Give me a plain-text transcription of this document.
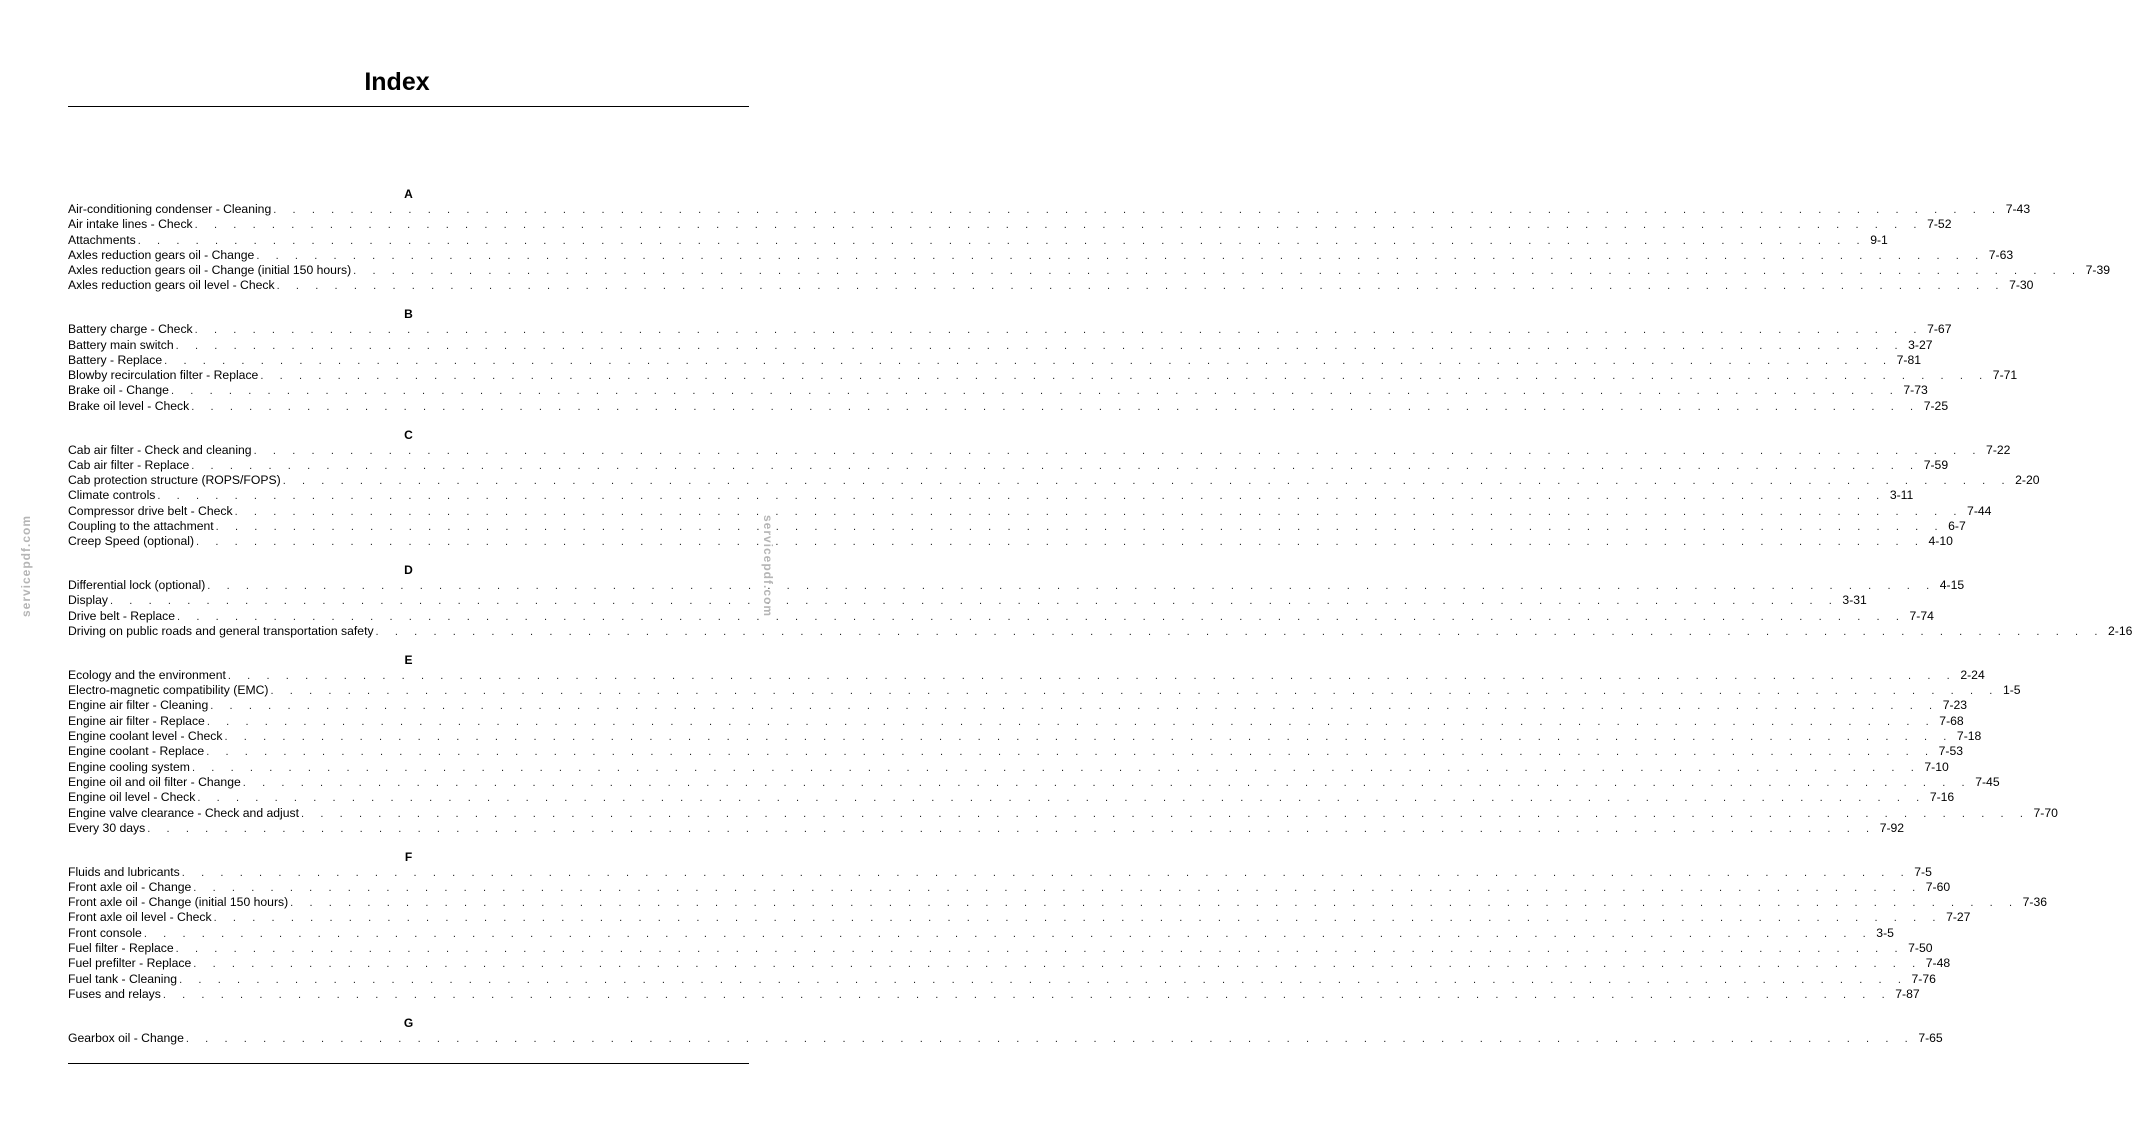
Index
A
Air-conditioning condenser - Cleaning . . . . . . . . . . . . . . . . . . . . . . . . . . . . . . . . . . . . . . . . . . . . . . . . . . . . . . . . . . . . . . . . . . . . . . . . . . . . . . . . . . . . . . . . . . 7-43
Air intake lines - Check . . . . . . . . . . . . . . . . . . . . . . . . . . . . . . . . . . . . . . . . . . . . . . . . . . . . . . . . . . . . . . . . . . . . . . . . . . . . . . . . . . . . . . . . . . 7-52
Attachments . . . . . . . . . . . . . . . . . . . . . . . . . . . . . . . . . . . . . . . . . . . . . . . . . . . . . . . . . . . . . . . . . . . . . . . . . . . . . . . . . . . . . . . . . . 9-1
Axles reduction gears oil - Change . . . . . . . . . . . . . . . . . . . . . . . . . . . . . . . . . . . . . . . . . . . . . . . . . . . . . . . . . . . . . . . . . . . . . . . . . . . . . . . . . . . . . . . . . . 7-63
Axles reduction gears oil - Change (initial 150 hours) . . . . . . . . . . . . . . . . . . . . . . . . . . . . . . . . . . . . . . . . . . . . . . . . . . . . . . . . . . . . . . . . . . . . . . . . . . . . . . . . . . . . . . . . . . 7-39
Axles reduction gears oil level - Check . . . . . . . . . . . . . . . . . . . . . . . . . . . . . . . . . . . . . . . . . . . . . . . . . . . . . . . . . . . . . . . . . . . . . . . . . . . . . . . . . . . . . . . . . . 7-30
B
Battery charge - Check . . . . . . . . . . . . . . . . . . . . . . . . . . . . . . . . . . . . . . . . . . . . . . . . . . . . . . . . . . . . . . . . . . . . . . . . . . . . . . . . . . . . . . . . . . 7-67
Battery main switch . . . . . . . . . . . . . . . . . . . . . . . . . . . . . . . . . . . . . . . . . . . . . . . . . . . . . . . . . . . . . . . . . . . . . . . . . . . . . . . . . . . . . . . . . . 3-27
Battery - Replace . . . . . . . . . . . . . . . . . . . . . . . . . . . . . . . . . . . . . . . . . . . . . . . . . . . . . . . . . . . . . . . . . . . . . . . . . . . . . . . . . . . . . . . . . . 7-81
Blowby recirculation filter - Replace . . . . . . . . . . . . . . . . . . . . . . . . . . . . . . . . . . . . . . . . . . . . . . . . . . . . . . . . . . . . . . . . . . . . . . . . . . . . . . . . . . . . . . . . . . 7-71
Brake oil - Change . . . . . . . . . . . . . . . . . . . . . . . . . . . . . . . . . . . . . . . . . . . . . . . . . . . . . . . . . . . . . . . . . . . . . . . . . . . . . . . . . . . . . . . . . . 7-73
Brake oil level - Check . . . . . . . . . . . . . . . . . . . . . . . . . . . . . . . . . . . . . . . . . . . . . . . . . . . . . . . . . . . . . . . . . . . . . . . . . . . . . . . . . . . . . . . . . . 7-25
C
Cab air filter - Check and cleaning . . . . . . . . . . . . . . . . . . . . . . . . . . . . . . . . . . . . . . . . . . . . . . . . . . . . . . . . . . . . . . . . . . . . . . . . . . . . . . . . . . . . . . . . . . 7-22
Cab air filter - Replace . . . . . . . . . . . . . . . . . . . . . . . . . . . . . . . . . . . . . . . . . . . . . . . . . . . . . . . . . . . . . . . . . . . . . . . . . . . . . . . . . . . . . . . . . . 7-59
Cab protection structure (ROPS/FOPS) . . . . . . . . . . . . . . . . . . . . . . . . . . . . . . . . . . . . . . . . . . . . . . . . . . . . . . . . . . . . . . . . . . . . . . . . . . . . . . . . . . . . . . . . . . 2-20
Climate controls . . . . . . . . . . . . . . . . . . . . . . . . . . . . . . . . . . . . . . . . . . . . . . . . . . . . . . . . . . . . . . . . . . . . . . . . . . . . . . . . . . . . . . . . . . 3-11
Compressor drive belt - Check . . . . . . . . . . . . . . . . . . . . . . . . . . . . . . . . . . . . . . . . . . . . . . . . . . . . . . . . . . . . . . . . . . . . . . . . . . . . . . . . . . . . . . . . . . 7-44
Coupling to the attachment . . . . . . . . . . . . . . . . . . . . . . . . . . . . . . . . . . . . . . . . . . . . . . . . . . . . . . . . . . . . . . . . . . . . . . . . . . . . . . . . . . . . . . . . . . 6-7
Creep Speed (optional) . . . . . . . . . . . . . . . . . . . . . . . . . . . . . . . . . . . . . . . . . . . . . . . . . . . . . . . . . . . . . . . . . . . . . . . . . . . . . . . . . . . . . . . . . . 4-10
D
Differential lock (optional) . . . . . . . . . . . . . . . . . . . . . . . . . . . . . . . . . . . . . . . . . . . . . . . . . . . . . . . . . . . . . . . . . . . . . . . . . . . . . . . . . . . . . . . . . . 4-15
Display . . . . . . . . . . . . . . . . . . . . . . . . . . . . . . . . . . . . . . . . . . . . . . . . . . . . . . . . . . . . . . . . . . . . . . . . . . . . . . . . . . . . . . . . . . 3-31
Drive belt - Replace . . . . . . . . . . . . . . . . . . . . . . . . . . . . . . . . . . . . . . . . . . . . . . . . . . . . . . . . . . . . . . . . . . . . . . . . . . . . . . . . . . . . . . . . . . 7-74
Driving on public roads and general transportation safety . . . . . . . . . . . . . . . . . . . . . . . . . . . . . . . . . . . . . . . . . . . . . . . . . . . . . . . . . . . . . . . . . . . . . . . . . . . . . . . . . . . . . . . . . . 2-16
E
Ecology and the environment . . . . . . . . . . . . . . . . . . . . . . . . . . . . . . . . . . . . . . . . . . . . . . . . . . . . . . . . . . . . . . . . . . . . . . . . . . . . . . . . . . . . . . . . . . 2-24
Electro-magnetic compatibility (EMC) . . . . . . . . . . . . . . . . . . . . . . . . . . . . . . . . . . . . . . . . . . . . . . . . . . . . . . . . . . . . . . . . . . . . . . . . . . . . . . . . . . . . . . . . . . 1-5
Engine air filter - Cleaning . . . . . . . . . . . . . . . . . . . . . . . . . . . . . . . . . . . . . . . . . . . . . . . . . . . . . . . . . . . . . . . . . . . . . . . . . . . . . . . . . . . . . . . . . . 7-23
Engine air filter - Replace . . . . . . . . . . . . . . . . . . . . . . . . . . . . . . . . . . . . . . . . . . . . . . . . . . . . . . . . . . . . . . . . . . . . . . . . . . . . . . . . . . . . . . . . . . 7-68
Engine coolant level - Check . . . . . . . . . . . . . . . . . . . . . . . . . . . . . . . . . . . . . . . . . . . . . . . . . . . . . . . . . . . . . . . . . . . . . . . . . . . . . . . . . . . . . . . . . . 7-18
Engine coolant - Replace . . . . . . . . . . . . . . . . . . . . . . . . . . . . . . . . . . . . . . . . . . . . . . . . . . . . . . . . . . . . . . . . . . . . . . . . . . . . . . . . . . . . . . . . . . 7-53
Engine cooling system . . . . . . . . . . . . . . . . . . . . . . . . . . . . . . . . . . . . . . . . . . . . . . . . . . . . . . . . . . . . . . . . . . . . . . . . . . . . . . . . . . . . . . . . . . 7-10
Engine oil and oil filter - Change . . . . . . . . . . . . . . . . . . . . . . . . . . . . . . . . . . . . . . . . . . . . . . . . . . . . . . . . . . . . . . . . . . . . . . . . . . . . . . . . . . . . . . . . . . 7-45
Engine oil level - Check . . . . . . . . . . . . . . . . . . . . . . . . . . . . . . . . . . . . . . . . . . . . . . . . . . . . . . . . . . . . . . . . . . . . . . . . . . . . . . . . . . . . . . . . . . 7-16
Engine valve clearance - Check and adjust . . . . . . . . . . . . . . . . . . . . . . . . . . . . . . . . . . . . . . . . . . . . . . . . . . . . . . . . . . . . . . . . . . . . . . . . . . . . . . . . . . . . . . . . . . 7-70
Every 30 days . . . . . . . . . . . . . . . . . . . . . . . . . . . . . . . . . . . . . . . . . . . . . . . . . . . . . . . . . . . . . . . . . . . . . . . . . . . . . . . . . . . . . . . . . . 7-92
F
Fluids and lubricants . . . . . . . . . . . . . . . . . . . . . . . . . . . . . . . . . . . . . . . . . . . . . . . . . . . . . . . . . . . . . . . . . . . . . . . . . . . . . . . . . . . . . . . . . . 7-5
Front axle oil - Change . . . . . . . . . . . . . . . . . . . . . . . . . . . . . . . . . . . . . . . . . . . . . . . . . . . . . . . . . . . . . . . . . . . . . . . . . . . . . . . . . . . . . . . . . . 7-60
Front axle oil - Change (initial 150 hours) . . . . . . . . . . . . . . . . . . . . . . . . . . . . . . . . . . . . . . . . . . . . . . . . . . . . . . . . . . . . . . . . . . . . . . . . . . . . . . . . . . . . . . . . . . 7-36
Front axle oil level - Check . . . . . . . . . . . . . . . . . . . . . . . . . . . . . . . . . . . . . . . . . . . . . . . . . . . . . . . . . . . . . . . . . . . . . . . . . . . . . . . . . . . . . . . . . . 7-27
Front console . . . . . . . . . . . . . . . . . . . . . . . . . . . . . . . . . . . . . . . . . . . . . . . . . . . . . . . . . . . . . . . . . . . . . . . . . . . . . . . . . . . . . . . . . . 3-5
Fuel filter - Replace . . . . . . . . . . . . . . . . . . . . . . . . . . . . . . . . . . . . . . . . . . . . . . . . . . . . . . . . . . . . . . . . . . . . . . . . . . . . . . . . . . . . . . . . . . 7-50
Fuel prefilter - Replace . . . . . . . . . . . . . . . . . . . . . . . . . . . . . . . . . . . . . . . . . . . . . . . . . . . . . . . . . . . . . . . . . . . . . . . . . . . . . . . . . . . . . . . . . . 7-48
Fuel tank - Cleaning . . . . . . . . . . . . . . . . . . . . . . . . . . . . . . . . . . . . . . . . . . . . . . . . . . . . . . . . . . . . . . . . . . . . . . . . . . . . . . . . . . . . . . . . . . 7-76
Fuses and relays . . . . . . . . . . . . . . . . . . . . . . . . . . . . . . . . . . . . . . . . . . . . . . . . . . . . . . . . . . . . . . . . . . . . . . . . . . . . . . . . . . . . . . . . . . 7-87
G
Gearbox oil - Change . . . . . . . . . . . . . . . . . . . . . . . . . . . . . . . . . . . . . . . . . . . . . . . . . . . . . . . . . . . . . . . . . . . . . . . . . . . . . . . . . . . . . . . . . . 7-65
servicepdf.com	servicepdf.com
